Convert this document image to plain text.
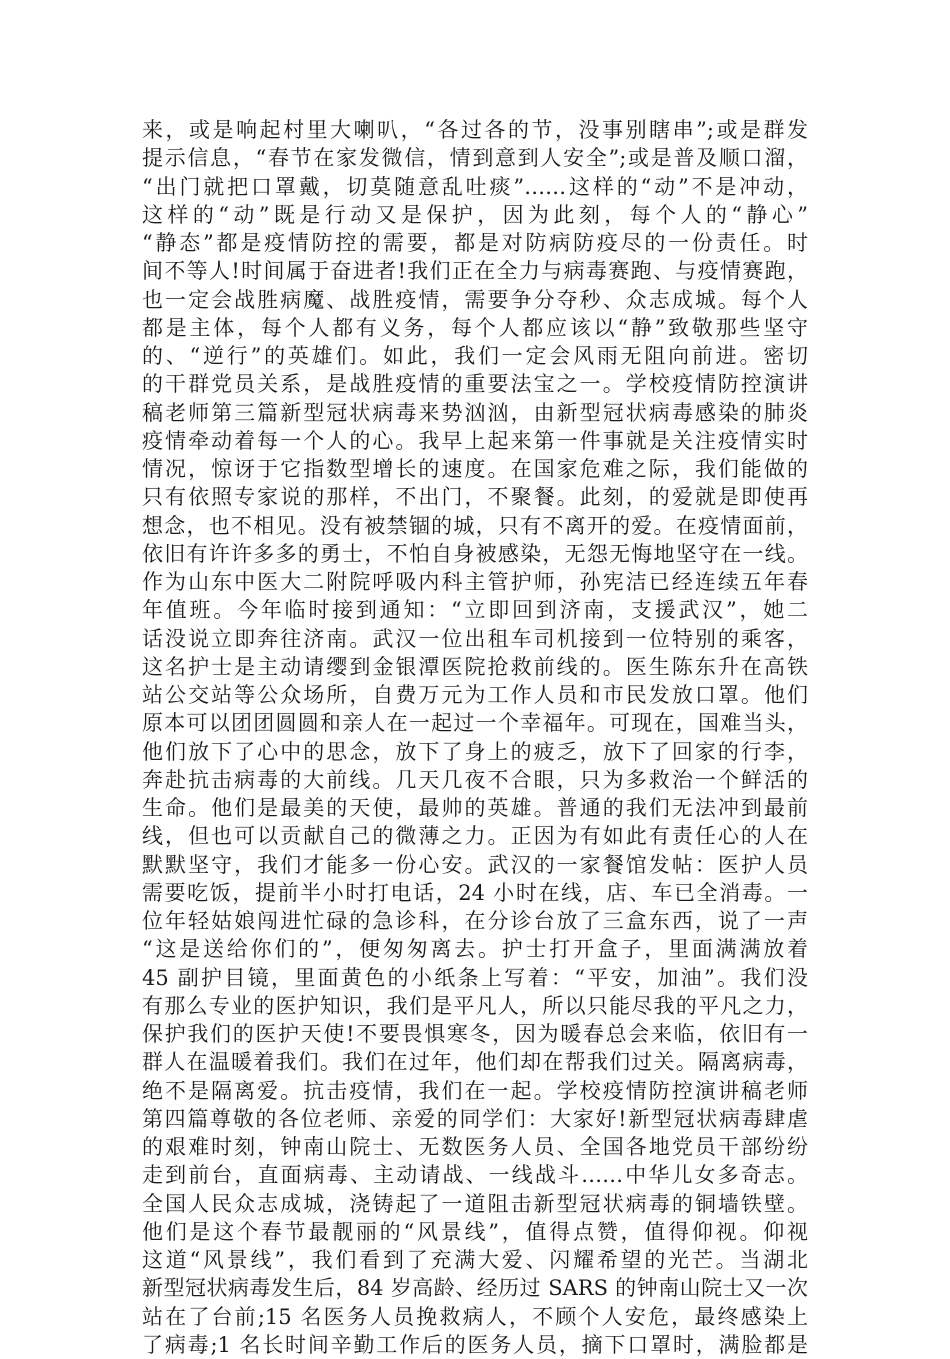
来，或是响起村里大喇叭，“各过各的节，没事别瞎串”;或是群发
提示信息，“春节在家发微信，情到意到人安全”;或是普及顺口溜，
“出门就把口罩戴，切莫随意乱吐痰”……这样的“动”不是冲动，
这样的“动”既是行动又是保护，因为此刻，每个人的“静心”
“静态”都是疫情防控的需要，都是对防病防疫尽的一份责任。时
间不等人!时间属于奋进者!我们正在全力与病毒赛跑、与疫情赛跑，
也一定会战胜病魔、战胜疫情，需要争分夺秒、众志成城。每个人
都是主体，每个人都有义务，每个人都应该以“静”致敬那些坚守
的、“逆行”的英雄们。如此，我们一定会风雨无阻向前进。密切
的干群党员关系，是战胜疫情的重要法宝之一。学校疫情防控演讲
稿老师第三篇新型冠状病毒来势汹汹，由新型冠状病毒感染的肺炎
疫情牵动着每一个人的心。我早上起来第一件事就是关注疫情实时
情况，惊讶于它指数型增长的速度。在国家危难之际，我们能做的
只有依照专家说的那样，不出门，不聚餐。此刻，的爱就是即使再
想念，也不相见。没有被禁锢的城，只有不离开的爱。在疫情面前，
依旧有许许多多的勇士，不怕自身被感染，无怨无悔地坚守在一线。
作为山东中医大二附院呼吸内科主管护师，孙宪洁已经连续五年春
年值班。今年临时接到通知：“立即回到济南，支援武汉”，她二
话没说立即奔往济南。武汉一位出租车司机接到一位特别的乘客，
这名护士是主动请缨到金银潭医院抢救前线的。医生陈东升在高铁
站公交站等公众场所，自费万元为工作人员和市民发放口罩。他们
原本可以团团圆圆和亲人在一起过一个幸福年。可现在，国难当头，
他们放下了心中的思念，放下了身上的疲乏，放下了回家的行李，
奔赴抗击病毒的大前线。几天几夜不合眼，只为多救治一个鲜活的
生命。他们是最美的天使，最帅的英雄。普通的我们无法冲到最前
线，但也可以贡献自己的微薄之力。正因为有如此有责任心的人在
默默坚守，我们才能多一份心安。武汉的一家餐馆发帖：医护人员
需要吃饭，提前半小时打电话，24 小时在线，店、车已全消毒。一
位年轻姑娘闯进忙碌的急诊科，在分诊台放了三盒东西，说了一声
“这是送给你们的”，便匆匆离去。护士打开盒子，里面满满放着
45 副护目镜，里面黄色的小纸条上写着：“平安，加油”。我们没
有那么专业的医护知识，我们是平凡人，所以只能尽我的平凡之力，
保护我们的医护天使!不要畏惧寒冬，因为暖春总会来临，依旧有一
群人在温暖着我们。我们在过年，他们却在帮我们过关。隔离病毒，
绝不是隔离爱。抗击疫情，我们在一起。学校疫情防控演讲稿老师
第四篇尊敬的各位老师、亲爱的同学们：大家好!新型冠状病毒肆虐
的艰难时刻，钟南山院士、无数医务人员、全国各地党员干部纷纷
走到前台，直面病毒、主动请战、一线战斗……中华儿女多奇志。
全国人民众志成城，浇铸起了一道阻击新型冠状病毒的铜墙铁壁。
他们是这个春节最靓丽的“风景线”，值得点赞，值得仰视。仰视
这道“风景线”，我们看到了充满大爱、闪耀希望的光芒。当湖北
新型冠状病毒发生后，84 岁高龄、经历过 SARS 的钟南山院士又一次
站在了台前;15 名医务人员挽救病人，不顾个人安危，最终感染上
了病毒;1 名长时间辛勤工作后的医务人员，摘下口罩时，满脸都是
